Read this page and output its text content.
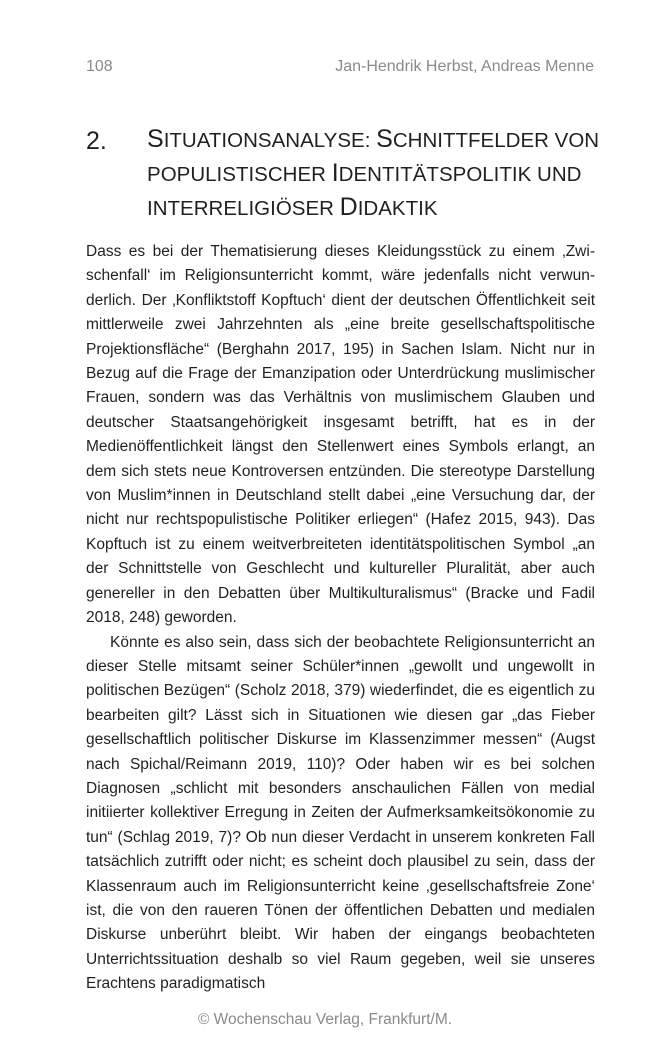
108	Jan-Hendrik Herbst, Andreas Menne
2. SITUATIONSANALYSE: SCHNITTFELDER VON
POPULISTISCHER IDENTITÄTSPOLITIK UND
INTERRELIGIÖSER DIDAKTIK

Dass es bei der Thematisierung dieses Kleidungsstück zu einem ‚Zwischenfall‘ im Religionsunterricht kommt, wäre jedenfalls nicht verwunderlich. Der ‚Konfliktstoff Kopftuch‘ dient der deutschen Öffentlichkeit seit mittlerweile zwei Jahrzehnten als „eine breite gesellschaftspolitische Projektionsfläche“ (Berghahn 2017, 195) in Sachen Islam. Nicht nur in Bezug auf die Frage der Emanzipation oder Unterdrückung muslimischer Frauen, sondern was das Verhältnis von muslimischem Glauben und deutscher Staatsangehörigkeit insgesamt betrifft, hat es in der Medienöffentlichkeit längst den Stellenwert eines Symbols erlangt, an dem sich stets neue Kontroversen entzünden. Die stereotype Darstellung von Muslim*innen in Deutschland stellt dabei „eine Versuchung dar, der nicht nur rechtspopulistische Politiker erliegen“ (Hafez 2015, 943). Das Kopftuch ist zu einem weitverbreiteten identitätspolitischen Symbol „an der Schnittstelle von Geschlecht und kultureller Pluralität, aber auch genereller in den Debatten über Multikulturalismus“ (Bracke und Fadil 2018, 248) geworden.

Könnte es also sein, dass sich der beobachtete Religionsunterricht an dieser Stelle mitsamt seiner Schüler*innen „gewollt und ungewollt in politischen Bezügen“ (Scholz 2018, 379) wiederfindet, die es eigentlich zu bearbeiten gilt? Lässt sich in Situationen wie diesen gar „das Fieber gesellschaftlich politischer Diskurse im Klassenzimmer messen“ (Augst nach Spichal/Reimann 2019, 110)? Oder haben wir es bei solchen Diagnosen „schlicht mit besonders anschaulichen Fällen von medial initiierter kollektiver Erregung in Zeiten der Aufmerksamkeitsökonomie zu tun“ (Schlag 2019, 7)? Ob nun dieser Verdacht in unserem konkreten Fall tatsächlich zutrifft oder nicht; es scheint doch plausibel zu sein, dass der Klassenraum auch im Religionsunterricht keine ‚gesellschaftsfreie Zone‘ ist, die von den raueren Tönen der öffentlichen Debatten und medialen Diskurse unberührt bleibt. Wir haben der eingangs beobachteten Unterrichtssituation deshalb so viel Raum gegeben, weil sie unseres Erachtens paradigmatisch

© Wochenschau Verlag, Frankfurt/M.
